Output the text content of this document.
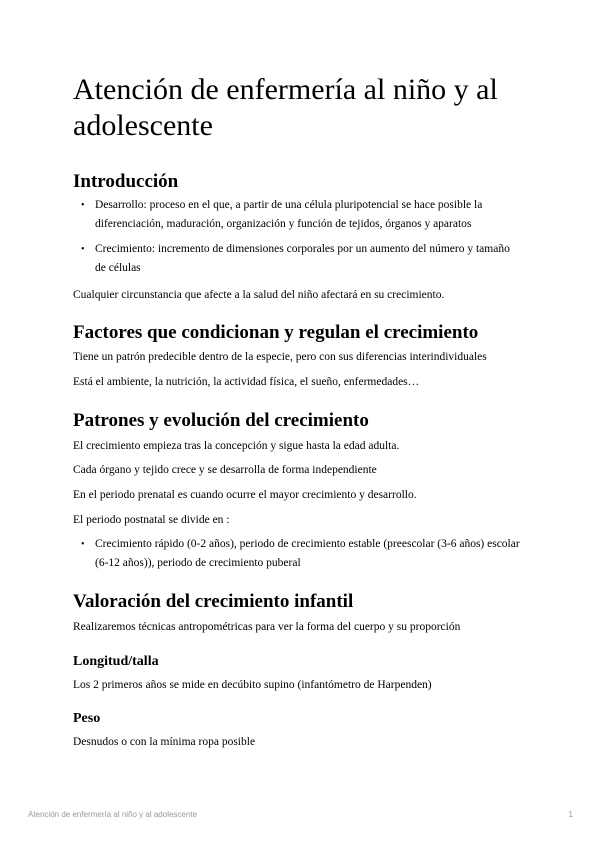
Atención de enfermería al niño y al adolescente
Introducción
• Desarrollo: proceso en el que, a partir de una célula pluripotencial se hace posible la diferenciación, maduración, organización y función de tejidos, órganos y aparatos
• Crecimiento: incremento de dimensiones corporales por un aumento del número y tamaño de células

Cualquier circunstancia que afecte a la salud del niño afectará en su crecimiento.

Factores que condicionan y regulan el crecimiento

Tiene un patrón predecible dentro de la especie, pero con sus diferencias interindividuales

Está el ambiente, la nutrición, la actividad física, el sueño, enfermedades…

Patrones y evolución del crecimiento

El crecimiento empieza tras la concepción y sigue hasta la edad adulta.

Cada órgano y tejido crece y se desarrolla de forma independiente

En el periodo prenatal es cuando ocurre el mayor crecimiento y desarrollo.

El periodo postnatal se divide en :

• Crecimiento rápido (0-2 años), periodo de crecimiento estable (preescolar (3-6 años) escolar (6-12 años)), periodo de crecimiento puberal
Valoración del crecimiento infantil

Realizaremos técnicas antropométricas para ver la forma del cuerpo y su proporción

Longitud/talla

Los 2 primeros años se mide en decúbito supino (infantómetro de Harpenden)

Peso

Desnudos o con la mínima ropa posible

Atención de enfermería al niño y al adolescente	1
